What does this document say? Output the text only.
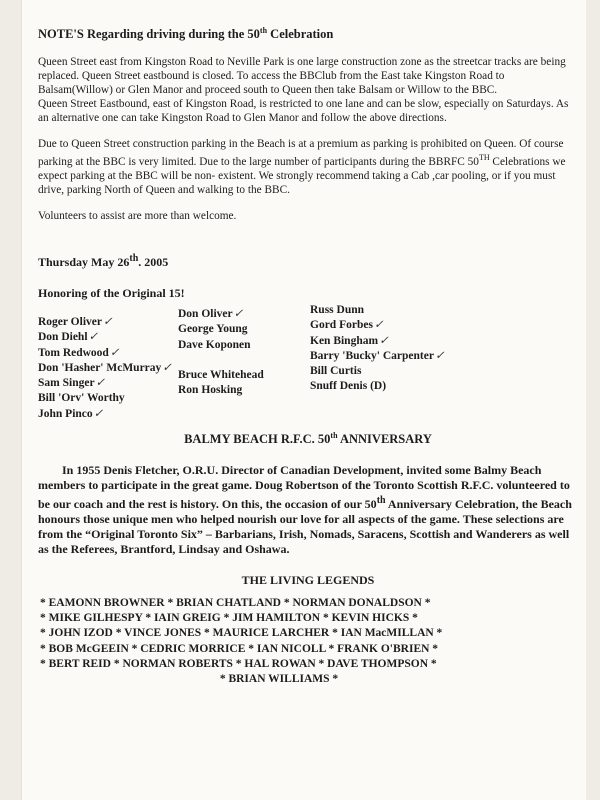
NOTE'S Regarding driving during the 50th Celebration

Queen Street east from Kingston Road to Neville Park is one large construction zone as the streetcar tracks are being replaced. Queen Street eastbound is closed. To access the BBClub from the East take Kingston Road to Balsam(Willow) or Glen Manor and proceed south to Queen then take Balsam or Willow to the BBC.

Queen Street Eastbound, east of Kingston Road, is restricted to one lane and can be slow, especially on Saturdays. As an alternative one can take Kingston Road to Glen Manor and follow the above directions.

Due to Queen Street construction parking in the Beach is at a premium as parking is prohibited on Queen. Of course parking at the BBC is very limited. Due to the large number of participants during the BBRFC 50TH Celebrations we expect parking at the BBC will be non- existent. We strongly recommend taking a Cab ,car pooling, or if you must drive, parking North of Queen and walking to the BBC.

Volunteers to assist are more than welcome.

Thursday May 26th. 2005
Honoring of the Original 15!
Roger Oliver✓
Don Diehl✓
Tom Redwood✓
Don 'Hasher' McMurray✓
Sam Singer✓
Bill 'Orv' Worthy
John Pinco✓
Don Oliver✓
George Young
Dave Koponen

Bruce Whitehead
Ron Hosking
Russ Dunn
Gord Forbes✓
Ken Bingham✓
Barry 'Bucky' Carpenter✓
Bill Curtis
Snuff Denis (D)
BALMY BEACH R.F.C. 50th ANNIVERSARY

In 1955 Denis Fletcher, O.R.U. Director of Canadian Development, invited some Balmy Beach members to participate in the great game. Doug Robertson of the Toronto Scottish R.F.C. volunteered to be our coach and the rest is history. On this, the occasion of our 50th Anniversary Celebration, the Beach honours those unique men who helped nourish our love for all aspects of the game. These selections are from the “Original Toronto Six” – Barbarians, Irish, Nomads, Saracens, Scottish and Wanderers as well as the Referees, Brantford, Lindsay and Oshawa.

THE LIVING LEGENDS
* EAMONN BROWNER * BRIAN CHATLAND * NORMAN DONALDSON *
* MIKE GILHESPY * IAIN GREIG * JIM HAMILTON * KEVIN HICKS *
* JOHN IZOD * VINCE JONES * MAURICE LARCHER * IAN MacMILLAN *
* BOB McGEEIN * CEDRIC MORRICE * IAN NICOLL * FRANK O'BRIEN *
* BERT REID * NORMAN ROBERTS * HAL ROWAN * DAVE THOMPSON *
* BRIAN WILLIAMS *
